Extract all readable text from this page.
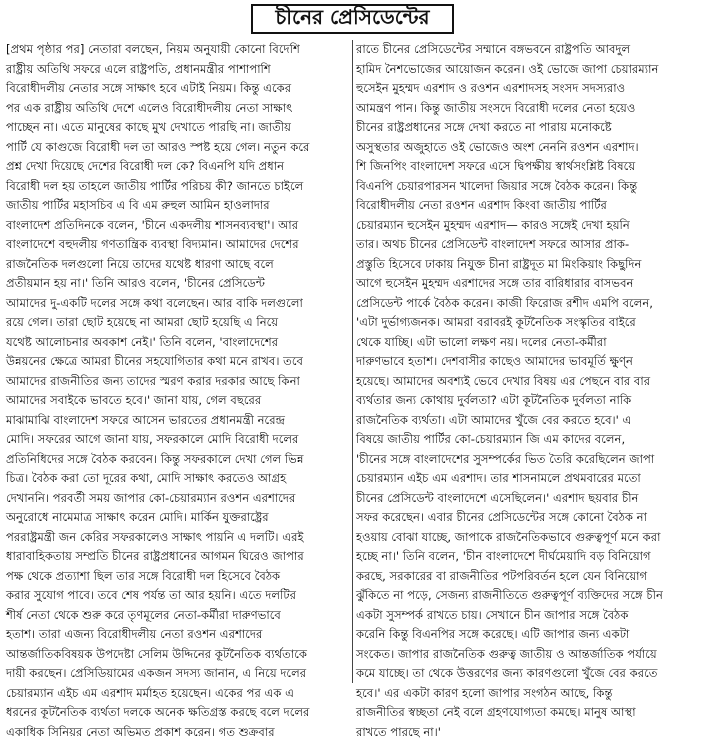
চীনের প্রেসিডেন্টের
[প্রথম পৃষ্ঠার পর] নেতারা বলছেন, নিয়ম অনুযায়ী কোনো বিদেশি
রাষ্ট্রীয় অতিথি সফরে এলে রাষ্ট্রপতি, প্রধানমন্ত্রীর পাশাপাশি
বিরোধীদলীয় নেতার সঙ্গে সাক্ষাৎ হবে এটাই নিয়ম। কিন্তু একের
পর এক রাষ্ট্রীয় অতিথি দেশে এলেও বিরোধীদলীয় নেতা সাক্ষাৎ
পাচ্ছেন না। এতে মানুষের কাছে মুখ দেখাতে পারছি না। জাতীয়
পার্টি যে কাগুজে বিরোধী দল তা আরও স্পষ্ট হয়ে গেল। নতুন করে
প্রশ্ন দেখা দিয়েছে দেশের বিরোধী দল কে? বিএনপি যদি প্রধান
বিরোধী দল হয় তাহলে জাতীয় পার্টির পরিচয় কী? জানতে চাইলে
জাতীয় পার্টির মহাসচিব এ বি এম রুহুল আমিন হাওলাদার
বাংলাদেশ প্রতিদিনকে বলেন, 'চীনে একদলীয় শাসনব্যবস্থা'। আর
বাংলাদেশে বহুদলীয় গণতান্ত্রিক ব্যবস্থা বিদ্যমান। আমাদের দেশের
রাজনৈতিক দলগুলো নিয়ে তাদের যথেষ্ট ধারণা আছে বলে
প্রতীয়মান হয় না।' তিনি আরও বলেন, 'চীনের প্রেসিডেন্ট
আমাদের দু-একটি দলের সঙ্গে কথা বলেছেন। আর বাকি দলগুলো
রয়ে গেল। তারা ছোট হয়েছে না আমরা ছোট হয়েছি এ নিয়ে
যথেষ্ট আলোচনার অবকাশ নেই।' তিনি বলেন, 'বাংলাদেশের
উন্নয়নের ক্ষেত্রে আমরা চীনের সহযোগিতার কথা মনে রাখব। তবে
আমাদের রাজনীতির জন্য তাদের স্মরণ করার দরকার আছে কিনা
আমাদের সবাইকে ভাবতে হবে।' জানা যায়, গেল বছরের
মাঝামাঝি বাংলাদেশ সফরে আসেন ভারতের প্রধানমন্ত্রী নরেন্দ্র
মোদি। সফরের আগে জানা যায়, সফরকালে মোদি বিরোধী দলের
প্রতিনিধিদের সঙ্গে বৈঠক করবেন। কিন্তু সফরকালে দেখা গেল ভিন্ন
চিত্র। বৈঠক করা তো দূরের কথা, মোদি সাক্ষাৎ করতেও আগ্রহ
দেখাননি। পরবর্তী সময় জাপার কো-চেয়ারম্যান রওশন এরশাদের
অনুরোধে নামেমাত্র সাক্ষাৎ করেন মোদি। মার্কিন যুক্তরাষ্ট্রের
পররাষ্ট্রমন্ত্রী জন কেরির সফরকালেও সাক্ষাৎ পায়নি এ দলটি। এরই
ধারাবাহিকতায় সম্প্রতি চীনের রাষ্ট্রপ্রধানের আগমন ঘিরেও জাপার
পক্ষ থেকে প্রত্যাশা ছিল তার সঙ্গে বিরোধী দল হিসেবে বৈঠক
করার সুযোগ পাবে। তবে শেষ পর্যন্ত তা আর হয়নি। এতে দলটির
শীর্ষ নেতা থেকে শুরু করে তৃণমূলের নেতা-কর্মীরা দারুণভাবে
হতাশ। তারা এজন্য বিরোধীদলীয় নেতা রওশন এরশাদের
আন্তর্জাতিকবিষয়ক উপদেষ্টা সেলিম উদ্দিনের কূটনৈতিক ব্যর্থতাকে
দায়ী করছেন। প্রেসিডিয়ামের একজন সদস্য জানান, এ নিয়ে দলের
চেয়ারম্যান এইচ এম এরশাদ মর্মাহত হয়েছেন। একের পর এক এ
ধরনের কূটনৈতিক ব্যর্থতা দলকে অনেক ক্ষতিগ্রস্ত করছে বলে দলের
একাধিক সিনিয়র নেতা অভিমত প্রকাশ করেন। গত শুক্রবার
রাতে চীনের প্রেসিডেন্টের সম্মানে বঙ্গভবনে রাষ্ট্রপতি আবদুল
হামিদ নৈশভোজের আয়োজন করেন। ওই ভোজে জাপা চেয়ারম্যান
হুসেইন মুহম্মদ এরশাদ ও রওশন এরশাদসহ সংসদ সদস্যরাও
আমন্ত্রণ পান। কিন্তু জাতীয় সংসদে বিরোধী দলের নেতা হয়েও
চীনের রাষ্ট্রপ্রধানের সঙ্গে দেখা করতে না পারায় মনোকষ্টে
অসুস্থতার অজুহাতে ওই ভোজেও অংশ নেননি রওশন এরশাদ।
শি জিনপিং বাংলাদেশ সফরে এসে দ্বিপক্ষীয় স্বার্থসংশ্লিষ্ট বিষয়ে
বিএনপি চেয়ারপারসন খালেদা জিয়ার সঙ্গে বৈঠক করেন। কিন্তু
বিরোধীদলীয় নেতা রওশন এরশাদ কিংবা জাতীয় পার্টির
চেয়ারম্যান হুসেইন মুহম্মদ এরশাদ— কারও সঙ্গেই দেখা হয়নি
তার। অথচ চীনের প্রেসিডেন্ট বাংলাদেশ সফরে আসার প্রাক-
প্রস্তুতি হিসেবে ঢাকায় নিযুক্ত চীনা রাষ্ট্রদূত মা মিংকিয়াং কিছুদিন
আগে হুসেইন মুহম্মদ এরশাদের সঙ্গে তার বারিধারার বাসভবন
প্রেসিডেন্ট পার্কে বৈঠক করেন। কাজী ফিরোজ রশীদ এমপি বলেন,
'এটা দুর্ভাগ্যজনক। আমরা বরাবরই কূটনৈতিক সংস্কৃতির বাইরে
থেকে যাচ্ছি। এটা ভালো লক্ষণ নয়। দলের নেতা-কর্মীরা
দারুণভাবে হতাশ। দেশবাসীর কাছেও আমাদের ভাবমূর্তি ক্ষুণ্ন
হয়েছে। আমাদের অবশ্যই ভেবে দেখার বিষয় এর পেছনে বার বার
ব্যর্থতার জন্য কোথায় দুর্বলতা? এটা কূটনৈতিক দুর্বলতা নাকি
রাজনৈতিক ব্যর্থতা। এটা আমাদের খুঁজে বের করতে হবে।' এ
বিষয়ে জাতীয় পার্টির কো-চেয়ারম্যান জি এম কাদের বলেন,
'চীনের সঙ্গে বাংলাদেশের সুসম্পর্কের ভিত তৈরি করেছিলেন জাপা
চেয়ারম্যান এইচ এম এরশাদ। তার শাসনামলে প্রথমবারের মতো
চীনের প্রেসিডেন্ট বাংলাদেশে এসেছিলেন।' এরশাদ ছয়বার চীন
সফর করেছেন। এবার চীনের প্রেসিডেন্টের সঙ্গে কোনো বৈঠক না
হওয়ায় বোঝা যাচ্ছে, জাপাকে রাজনৈতিকভাবে গুরুত্বপূর্ণ মনে করা
হচ্ছে না।' তিনি বলেন, 'চীন বাংলাদেশে দীর্ঘমেয়াদি বড় বিনিয়োগ
করছে, সরকারের বা রাজনীতির পটপরিবর্তন হলে যেন বিনিয়োগ
ঝুঁকিতে না পড়ে, সেজন্য রাজনীতিতে গুরুত্বপূর্ণ ব্যক্তিদের সঙ্গে চীন
একটা সুসম্পর্ক রাখতে চায়। সেখানে চীন জাপার সঙ্গে বৈঠক
করেনি কিন্তু বিএনপির সঙ্গে করেছে। এটি জাপার জন্য একটা
সংকেত। জাপার রাজনৈতিক গুরুত্ব জাতীয় ও আন্তর্জাতিক পর্যায়ে
কমে যাচ্ছে। তা থেকে উত্তরণের জন্য কারণগুলো খুঁজে বের করতে
হবে।' এর একটা কারণ হলো জাপার সংগঠন আছে, কিন্তু
রাজনীতির স্বচ্ছতা নেই বলে গ্রহণযোগ্যতা কমছে। মানুষ আস্থা
রাখতে পারছে না।'
